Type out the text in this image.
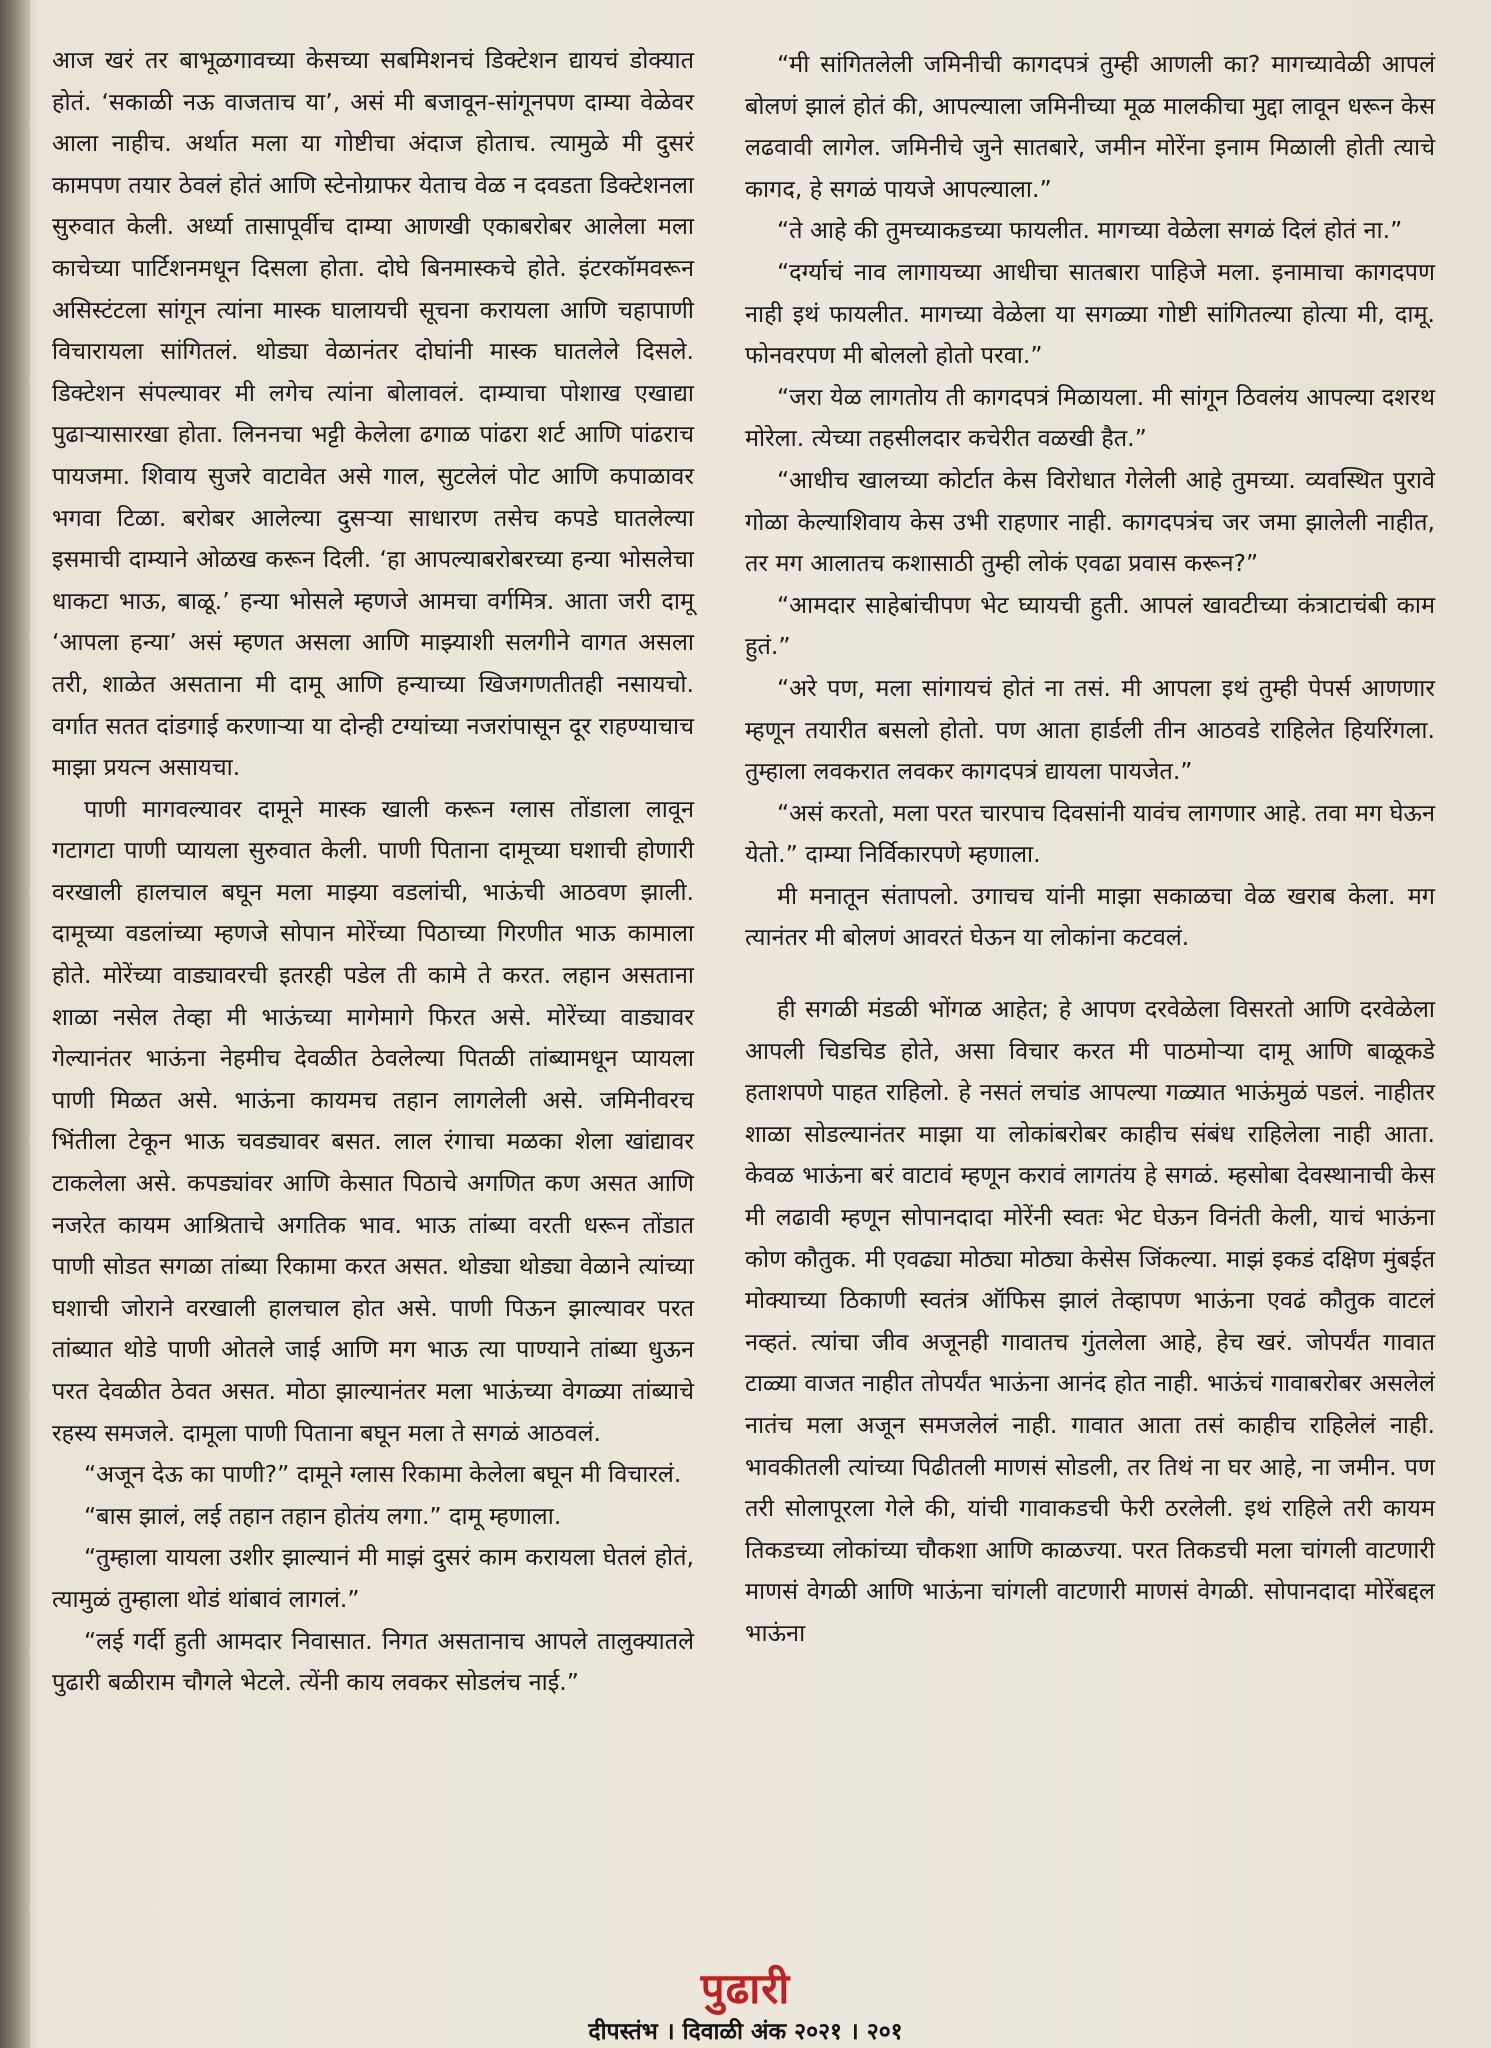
आज खरं तर बाभूळगावच्या केसच्या सबमिशनचं डिक्टेशन द्यायचं डोक्यात होतं. ‘सकाळी नऊ वाजताच या’, असं मी बजावून-सांगूनपण दाम्या वेळेवर आला नाहीच. अर्थात मला या गोष्टीचा अंदाज होताच. त्यामुळे मी दुसरं कामपण तयार ठेवलं होतं आणि स्टेनोग्राफर येताच वेळ न दवडता डिक्टेशनला सुरुवात केली. अर्ध्या तासापूर्वीच दाम्या आणखी एकाबरोबर आलेला मला काचेच्या पार्टिशनमधून दिसला होता. दोघे बिनमास्कचे होते. इंटरकॉमवरून असिस्टंटला सांगून त्यांना मास्क घालायची सूचना करायला आणि चहापाणी विचारायला सांगितलं. थोड्या वेळानंतर दोघांनी मास्क घातलेले दिसले. डिक्टेशन संपल्यावर मी लगेच त्यांना बोलावलं. दाम्याचा पोशाख एखाद्या पुढाऱ्यासारखा होता. लिननचा भट्टी केलेला ढगाळ पांढरा शर्ट आणि पांढराच पायजमा. शिवाय सुजरे वाटावेत असे गाल, सुटलेलं पोट आणि कपाळावर भगवा टिळा. बरोबर आलेल्या दुसऱ्या साधारण तसेच कपडे घातलेल्या इसमाची दाम्याने ओळख करून दिली. ‘हा आपल्याबरोबरच्या हन्या भोसलेचा धाकटा भाऊ, बाळू.’ हन्या भोसले म्हणजे आमचा वर्गमित्र. आता जरी दामू ‘आपला हन्या’ असं म्हणत असला आणि माझ्याशी सलगीने वागत असला तरी, शाळेत असताना मी दामू आणि हन्याच्या खिजगणतीतही नसायचो. वर्गात सतत दांडगाई करणाऱ्या या दोन्ही टग्यांच्या नजरांपासून दूर राहण्याचाच माझा प्रयत्न असायचा.

पाणी मागवल्यावर दामूने मास्क खाली करून ग्लास तोंडाला लावून गटागटा पाणी प्यायला सुरुवात केली. पाणी पिताना दामूच्या घशाची होणारी वरखाली हालचाल बघून मला माझ्या वडलांची, भाऊंची आठवण झाली. दामूच्या वडलांच्या म्हणजे सोपान मोरेंच्या पिठाच्या गिरणीत भाऊ कामाला होते. मोरेंच्या वाड्यावरची इतरही पडेल ती कामे ते करत. लहान असताना शाळा नसेल तेव्हा मी भाऊंच्या मागेमागे फिरत असे. मोरेंच्या वाड्यावर गेल्यानंतर भाऊंना नेहमीच देवळीत ठेवलेल्या पितळी तांब्यामधून प्यायला पाणी मिळत असे. भाऊंना कायमच तहान लागलेली असे. जमिनीवरच भिंतीला टेकून भाऊ चवड्यावर बसत. लाल रंगाचा मळका शेला खांद्यावर टाकलेला असे. कपड्यांवर आणि केसात पिठाचे अगणित कण असत आणि नजरेत कायम आश्रिताचे अगतिक भाव. भाऊ तांब्या वरती धरून तोंडात पाणी सोडत सगळा तांब्या रिकामा करत असत. थोड्या थोड्या वेळाने त्यांच्या घशाची जोराने वरखाली हालचाल होत असे. पाणी पिऊन झाल्यावर परत तांब्यात थोडे पाणी ओतले जाई आणि मग भाऊ त्या पाण्याने तांब्या धुऊन परत देवळीत ठेवत असत. मोठा झाल्यानंतर मला भाऊंच्या वेगळ्या तांब्याचे रहस्य समजले. दामूला पाणी पिताना बघून मला ते सगळं आठवलं.

“अजून देऊ का पाणी?” दामूने ग्लास रिकामा केलेला बघून मी विचारलं.

“बास झालं, लई तहान तहान होतंय लगा.” दामू म्हणाला.

“तुम्हाला यायला उशीर झाल्यानं मी माझं दुसरं काम करायला घेतलं होतं, त्यामुळं तुम्हाला थोडं थांबावं लागलं.”

“लई गर्दी हुती आमदार निवासात. निगत असतानाच आपले तालुक्यातले पुढारी बळीराम चौगले भेटले. त्येंनी काय लवकर सोडलंच नाई.”

“मी सांगितलेली जमिनीची कागदपत्रं तुम्ही आणली का? मागच्यावेळी आपलं बोलणं झालं होतं की, आपल्याला जमिनीच्या मूळ मालकीचा मुद्दा लावून धरून केस लढवावी लागेल. जमिनीचे जुने सातबारे, जमीन मोरेंना इनाम मिळाली होती त्याचे कागद, हे सगळं पायजे आपल्याला.”

“ते आहे की तुमच्याकडच्या फायलीत. मागच्या वेळेला सगळं दिलं होतं ना.”

“दर्ग्याचं नाव लागायच्या आधीचा सातबारा पाहिजे मला. इनामाचा कागदपण नाही इथं फायलीत. मागच्या वेळेला या सगळ्या गोष्टी सांगितल्या होत्या मी, दामू. फोनवरपण मी बोललो होतो परवा.”

“जरा येळ लागतोय ती कागदपत्रं मिळायला. मी सांगून ठिवलंय आपल्या दशरथ मोरेला. त्येच्या तहसीलदार कचेरीत वळखी हैत.”

“आधीच खालच्या कोर्टात केस विरोधात गेलेली आहे तुमच्या. व्यवस्थित पुरावे गोळा केल्याशिवाय केस उभी राहणार नाही. कागदपत्रंच जर जमा झालेली नाहीत, तर मग आलातच कशासाठी तुम्ही लोकं एवढा प्रवास करून?”

“आमदार साहेबांचीपण भेट घ्यायची हुती. आपलं खावटीच्या कंत्राटाचंबी काम हुतं.”

“अरे पण, मला सांगायचं होतं ना तसं. मी आपला इथं तुम्ही पेपर्स आणणार म्हणून तयारीत बसलो होतो. पण आता हार्डली तीन आठवडे राहिलेत हियरिंगला. तुम्हाला लवकरात लवकर कागदपत्रं द्यायला पायजेत.”

“असं करतो, मला परत चारपाच दिवसांनी यावंच लागणार आहे. तवा मग घेऊन येतो.” दाम्या निर्विकारपणे म्हणाला.

मी मनातून संतापलो. उगाचच यांनी माझा सकाळचा वेळ खराब केला. मग त्यानंतर मी बोलणं आवरतं घेऊन या लोकांना कटवलं.

ही सगळी मंडळी भोंगळ आहेत; हे आपण दरवेळेला विसरतो आणि दरवेळेला आपली चिडचिड होते, असा विचार करत मी पाठमोऱ्या दामू आणि बाळूकडे हताशपणे पाहत राहिलो. हे नसतं लचांड आपल्या गळ्यात भाऊंमुळं पडलं. नाहीतर शाळा सोडल्यानंतर माझा या लोकांबरोबर काहीच संबंध राहिलेला नाही आता. केवळ भाऊंना बरं वाटावं म्हणून करावं लागतंय हे सगळं. म्हसोबा देवस्थानाची केस मी लढावी म्हणून सोपानदादा मोरेंनी स्वतः भेट घेऊन विनंती केली, याचं भाऊंना कोण कौतुक. मी एवढ्या मोठ्या मोठ्या केसेस जिंकल्या. माझं इकडं दक्षिण मुंबईत मोक्याच्या ठिकाणी स्वतंत्र ऑफिस झालं तेव्हापण भाऊंना एवढं कौतुक वाटलं नव्हतं. त्यांचा जीव अजूनही गावातच गुंतलेला आहे, हेच खरं. जोपर्यंत गावात टाळ्या वाजत नाहीत तोपर्यंत भाऊंना आनंद होत नाही. भाऊंचं गावाबरोबर असलेलं नातंच मला अजून समजलेलं नाही. गावात आता तसं काहीच राहिलेलं नाही. भावकीतली त्यांच्या पिढीतली माणसं सोडली, तर तिथं ना घर आहे, ना जमीन. पण तरी सोलापूरला गेले की, यांची गावाकडची फेरी ठरलेली. इथं राहिले तरी कायम तिकडच्या लोकांच्या चौकशा आणि काळज्या. परत तिकडची मला चांगली वाटणारी माणसं वेगळी आणि भाऊंना चांगली वाटणारी माणसं वेगळी. सोपानदादा मोरेंबद्दल भाऊंना

पुढारी
दीपस्तंभ । दिवाळी अंक २०२१ । २०१
